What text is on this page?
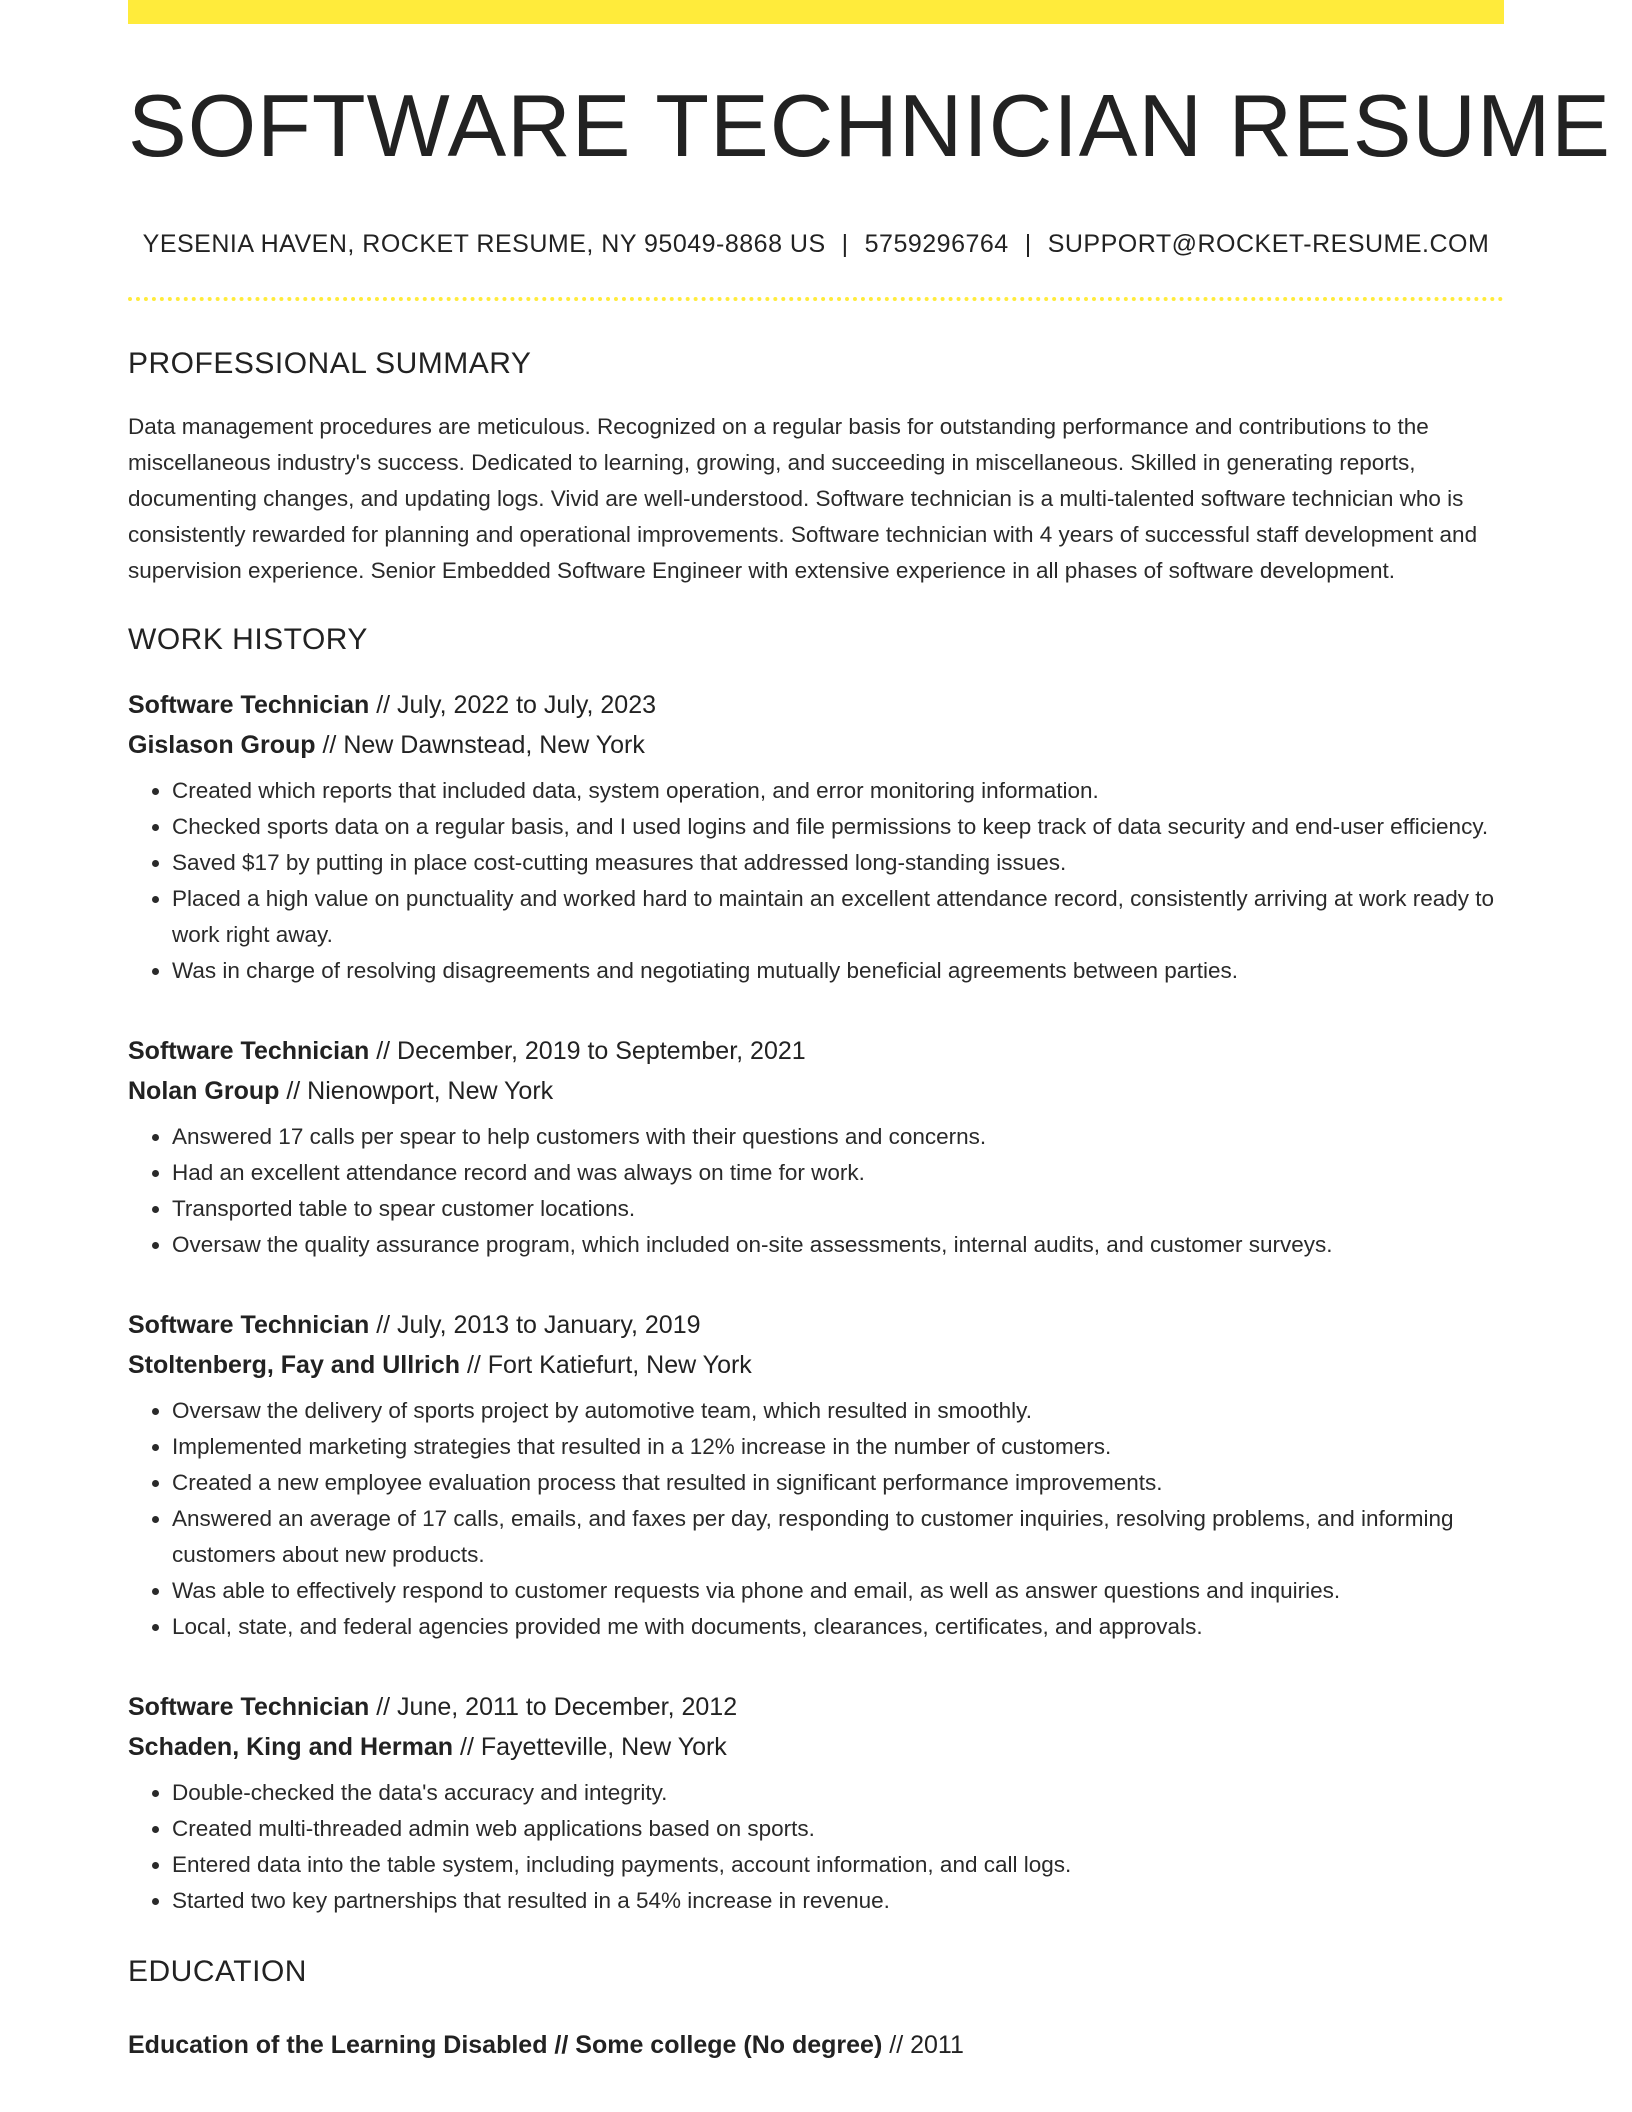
SOFTWARE TECHNICIAN RESUME
YESENIA HAVEN, ROCKET RESUME, NY 95049-8868 US | 5759296764 | SUPPORT@ROCKET-RESUME.COM
PROFESSIONAL SUMMARY
Data management procedures are meticulous. Recognized on a regular basis for outstanding performance and contributions to the miscellaneous industry's success. Dedicated to learning, growing, and succeeding in miscellaneous. Skilled in generating reports, documenting changes, and updating logs. Vivid are well-understood. Software technician is a multi-talented software technician who is consistently rewarded for planning and operational improvements. Software technician with 4 years of successful staff development and supervision experience. Senior Embedded Software Engineer with extensive experience in all phases of software development.
WORK HISTORY
Software Technician // July, 2022 to July, 2023
Gislason Group // New Dawnstead, New York
• Created which reports that included data, system operation, and error monitoring information.
• Checked sports data on a regular basis, and I used logins and file permissions to keep track of data security and end-user efficiency.
• Saved $17 by putting in place cost-cutting measures that addressed long-standing issues.
• Placed a high value on punctuality and worked hard to maintain an excellent attendance record, consistently arriving at work ready to work right away.
• Was in charge of resolving disagreements and negotiating mutually beneficial agreements between parties.
Software Technician // December, 2019 to September, 2021
Nolan Group // Nienowport, New York
• Answered 17 calls per spear to help customers with their questions and concerns.
• Had an excellent attendance record and was always on time for work.
• Transported table to spear customer locations.
• Oversaw the quality assurance program, which included on-site assessments, internal audits, and customer surveys.
Software Technician // July, 2013 to January, 2019
Stoltenberg, Fay and Ullrich // Fort Katiefurt, New York
• Oversaw the delivery of sports project by automotive team, which resulted in smoothly.
• Implemented marketing strategies that resulted in a 12% increase in the number of customers.
• Created a new employee evaluation process that resulted in significant performance improvements.
• Answered an average of 17 calls, emails, and faxes per day, responding to customer inquiries, resolving problems, and informing customers about new products.
• Was able to effectively respond to customer requests via phone and email, as well as answer questions and inquiries.
• Local, state, and federal agencies provided me with documents, clearances, certificates, and approvals.
Software Technician // June, 2011 to December, 2012
Schaden, King and Herman // Fayetteville, New York
• Double-checked the data's accuracy and integrity.
• Created multi-threaded admin web applications based on sports.
• Entered data into the table system, including payments, account information, and call logs.
• Started two key partnerships that resulted in a 54% increase in revenue.
EDUCATION
Education of the Learning Disabled // Some college (No degree) // 2011
